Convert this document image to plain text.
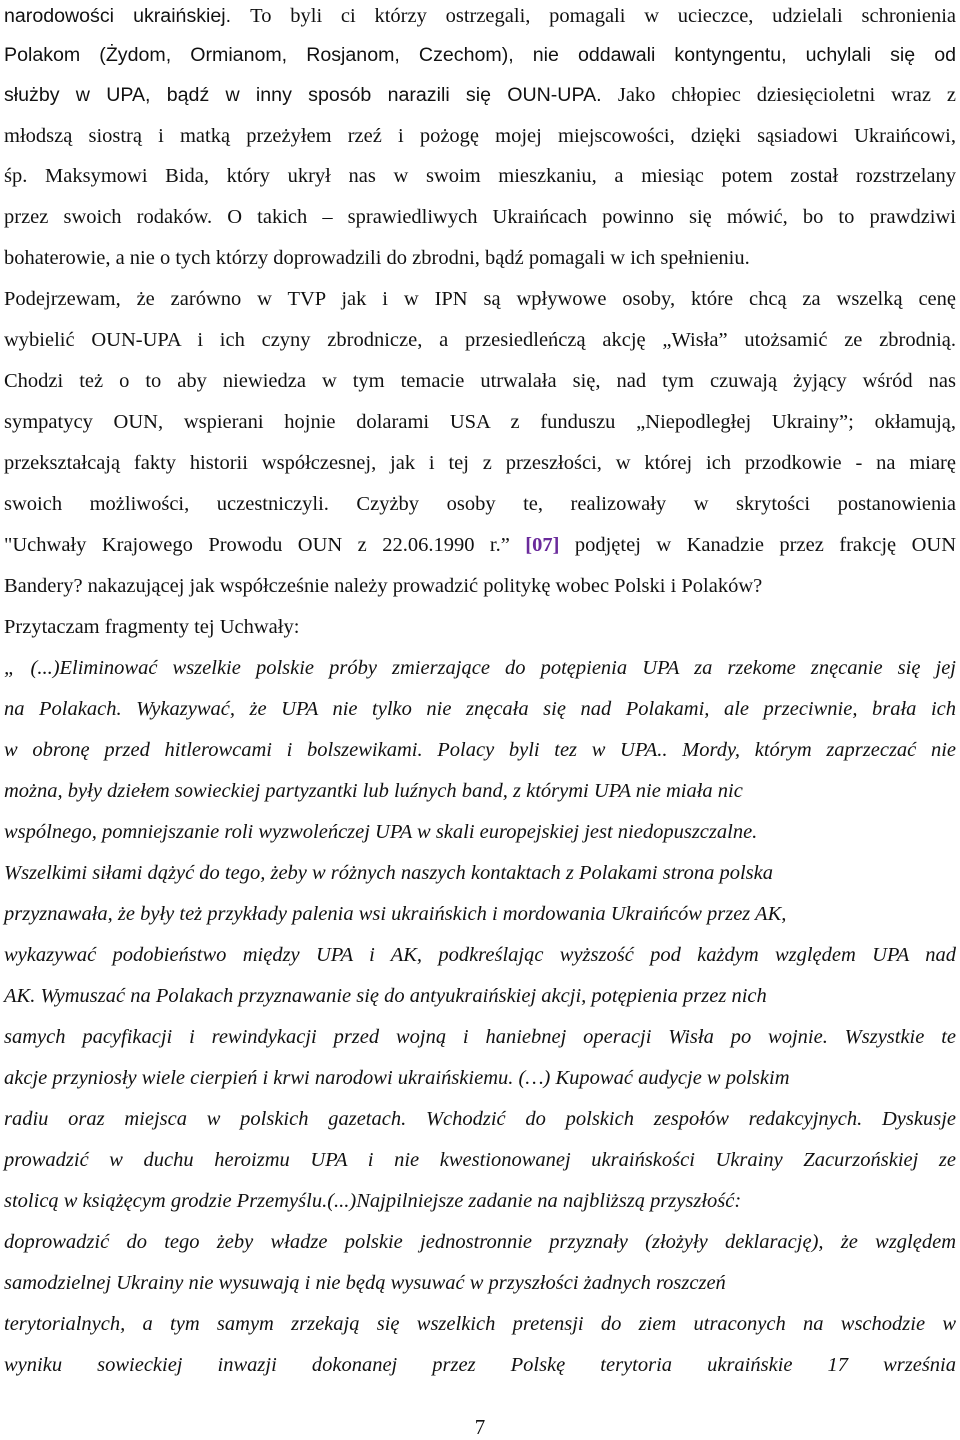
narodowości ukraińskiej. To byli ci którzy ostrzegali, pomagali w ucieczce, udzielali schronienia
Polakom (Żydom, Ormianom, Rosjanom, Czechom), nie oddawali kontyngentu, uchylali się od
służby w UPA, bądź w inny sposób narazili się OUN-UPA. Jako chłopiec dziesięcioletni wraz z
młodszą siostrą i matką przeżyłem rzeź i pożogę mojej miejscowości, dzięki sąsiadowi Ukraińcowi,
śp. Maksymowi Bida, który ukrył nas w swoim mieszkaniu, a miesiąc potem został rozstrzelany
przez swoich rodaków. O takich – sprawiedliwych Ukraińcach powinno się mówić, bo to prawdziwi
bohaterowie, a nie o tych którzy doprowadzili do zbrodni, bądź pomagali w ich spełnieniu.
Podejrzewam, że zarówno w TVP jak i w IPN są wpływowe osoby, które chcą za wszelką cenę
wybielić OUN-UPA i ich czyny zbrodnicze, a przesiedleńczą akcję „Wisła” utożsamić ze zbrodnią.
Chodzi też o to aby niewiedza w tym temacie utrwalała się, nad tym czuwają żyjący wśród nas
sympatycy OUN, wspierani hojnie dolarami USA z funduszu „Niepodległej Ukrainy”; okłamują,
przekształcają fakty historii współczesnej, jak i tej z przeszłości, w której ich przodkowie - na miarę
swoich możliwości, uczestniczyli. Czyżby osoby te, realizowały w skrytości postanowienia
"Uchwały Krajowego Prowodu OUN z 22.06.1990 r.” [07] podjętej w Kanadzie przez frakcję OUN
Bandery? nakazującej jak współcześnie należy prowadzić politykę wobec Polski i Polaków?
Przytaczam fragmenty tej Uchwały:
„ (...)Eliminować wszelkie polskie próby zmierzające do potępienia UPA za rzekome znęcanie się jej
na Polakach. Wykazywać, że UPA nie tylko nie znęcała się nad Polakami, ale przeciwnie, brała ich
w obronę przed hitlerowcami i bolszewikami. Polacy byli tez w UPA.. Mordy, którym zaprzeczać nie
można, były dziełem sowieckiej partyzantki lub luźnych band, z którymi UPA nie miała nic
wspólnego, pomniejszanie roli wyzwoleńczej UPA w skali europejskiej jest niedopuszczalne.
Wszelkimi siłami dążyć do tego, żeby w różnych naszych kontaktach z Polakami strona polska
przyznawała, że były też przykłady palenia wsi ukraińskich i mordowania Ukraińców przez AK,
wykazywać podobieństwo między UPA i AK, podkreślając wyższość pod każdym względem UPA nad
AK. Wymuszać na Polakach przyznawanie się do antyukraińskiej akcji, potępienia przez nich
samych pacyfikacji i rewindykacji przed wojną i haniebnej operacji Wisła po wojnie. Wszystkie te
akcje przyniosły wiele cierpień i krwi narodowi ukraińskiemu. (…) Kupować audycje w polskim
radiu oraz miejsca w polskich gazetach. Wchodzić do polskich zespołów redakcyjnych. Dyskusje
prowadzić w duchu heroizmu UPA i nie kwestionowanej ukraińskości Ukrainy Zacurzońskiej ze
stolicą w książęcym grodzie Przemyślu.(...)Najpilniejsze zadanie na najbliższą przyszłość:
doprowadzić do tego żeby władze polskie jednostronnie przyznały (złożyły deklarację), że względem
samodzielnej Ukrainy nie wysuwają i nie będą wysuwać w przyszłości żadnych roszczeń
terytorialnych, a tym samym zrzekają się wszelkich pretensji do ziem utraconych na wschodzie w
wyniku sowieckiej inwazji dokonanej przez Polskę terytoria ukraińskie 17 września
7
